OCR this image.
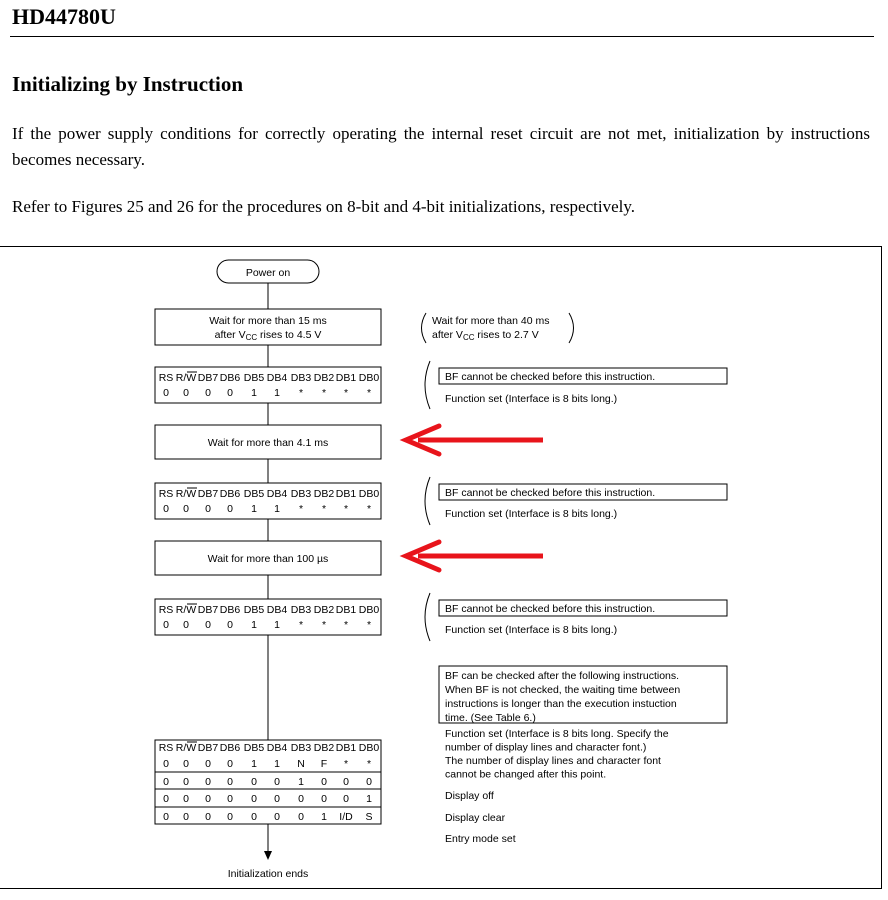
HD44780U
Initializing by Instruction
If the power supply conditions for correctly operating the internal reset circuit are not met, initialization by instructions becomes necessary.
Refer to Figures 25 and 26 for the procedures on 8-bit and 4-bit initializations, respectively.
Power on
Wait for more than 15 ms
after VCC rises to 4.5 V
Wait for more than 40 ms
after VCC rises to 2.7 V
RS R/W DB7 DB6 DB5 DB4 DB3 DB2 DB1 DB0
0 0 0 0 1 1 * * * *
BF cannot be checked before this instruction.
Function set (Interface is 8 bits long.)
Wait for more than 4.1 ms
RS R/W DB7 DB6 DB5 DB4 DB3 DB2 DB1 DB0
0 0 0 0 1 1 * * * *
BF cannot be checked before this instruction.
Function set (Interface is 8 bits long.)
Wait for more than 100 µs
RS R/W DB7 DB6 DB5 DB4 DB3 DB2 DB1 DB0
0 0 0 0 1 1 * * * *
BF cannot be checked before this instruction.
Function set (Interface is 8 bits long.)
BF can be checked after the following instructions.
When BF is not checked, the waiting time between
instructions is longer than the execution instuction
time. (See Table 6.)
RS R/W DB7 DB6 DB5 DB4 DB3 DB2 DB1 DB0
0 0 0 0 1 1 N F * *
0 0 0 0 0 0 1 0 0 0
0 0 0 0 0 0 0 0 0 1
0 0 0 0 0 0 0 1 I/D S
Function set (Interface is 8 bits long. Specify the
number of display lines and character font.)
The number of display lines and character font
cannot be changed after this point.
Display off
Display clear
Entry mode set
Initialization ends
